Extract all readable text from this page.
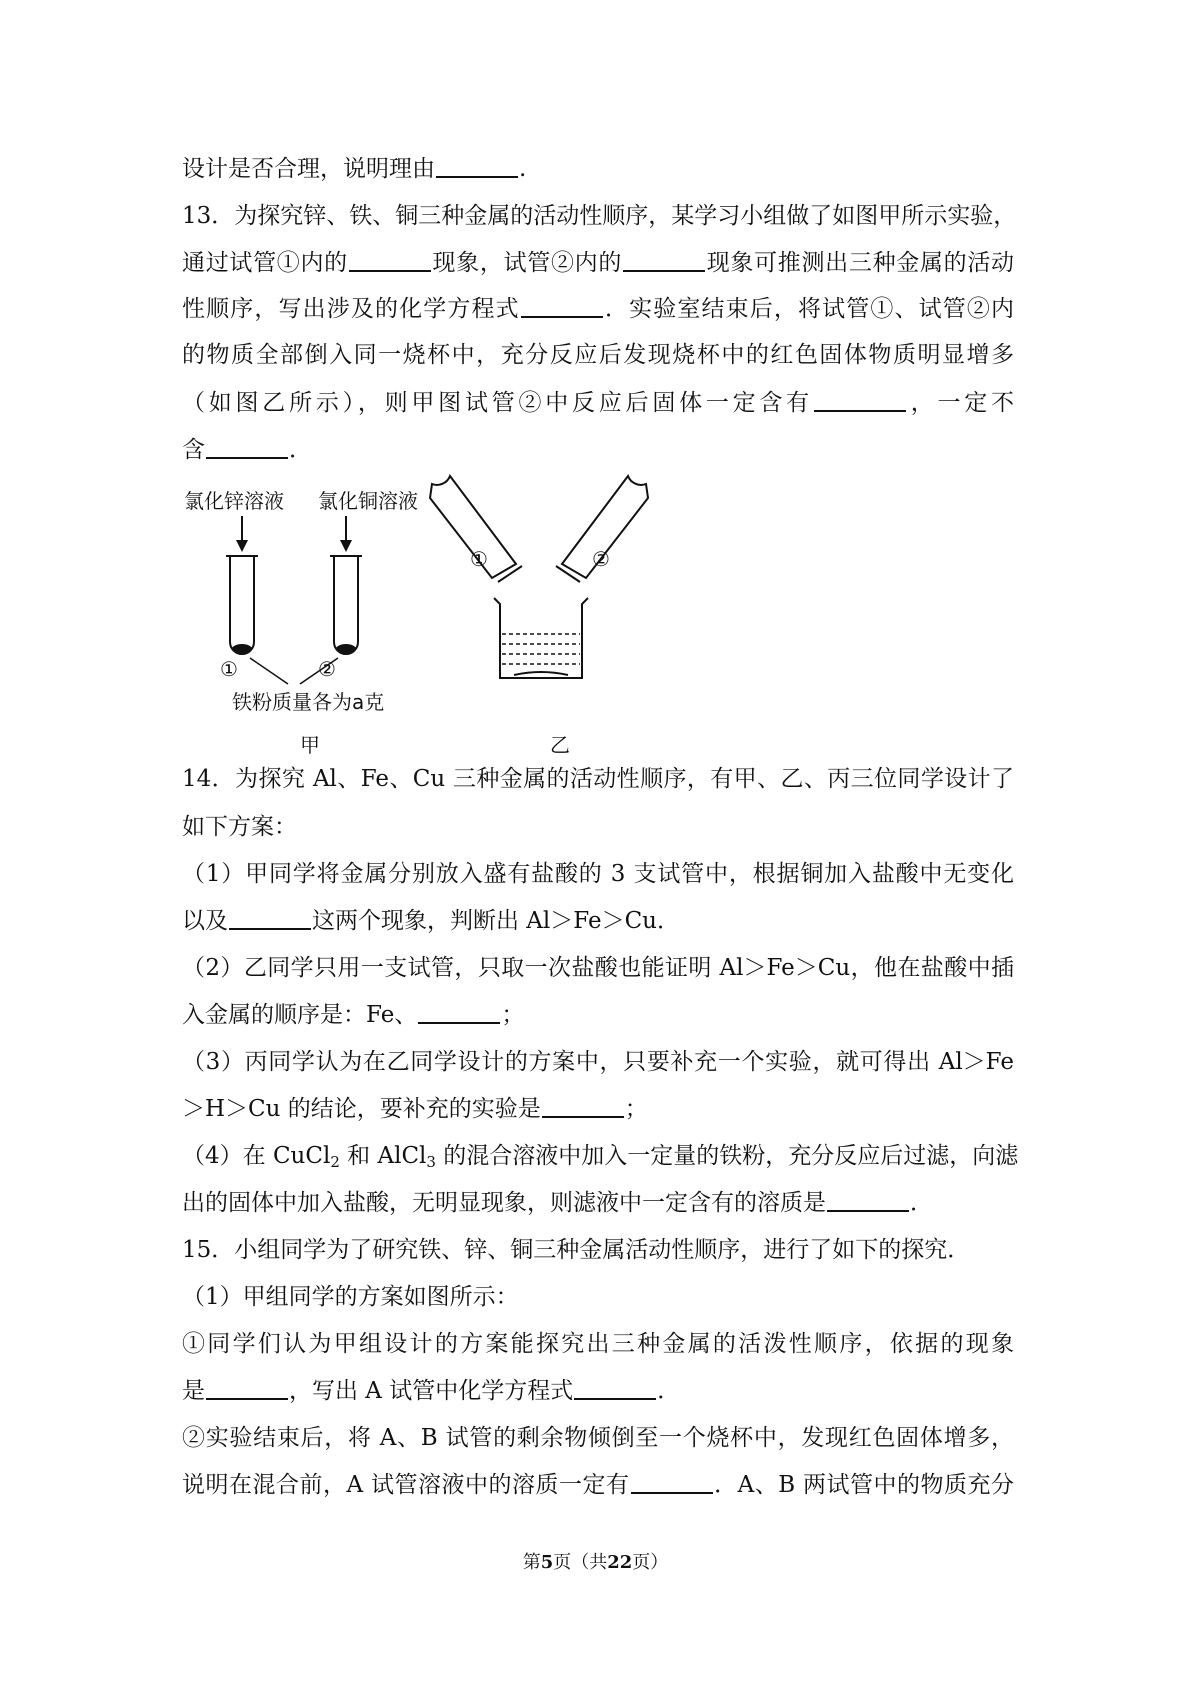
设计是否合理，说明理由	.
13．为探究锌、铁、铜三种金属的活动性顺序，某学习小组做了如图甲所示实验，
通过试管①内的	现象，试管②内的	现象可推测出三种金属的活动
性顺序，写出涉及的化学方程式	．实验室结束后，将试管①、试管②内
的物质全部倒入同一烧杯中，充分反应后发现烧杯中的红色固体物质明显增多
（如图乙所示），则甲图试管②中反应后固体一定含有	，一定不
含	．
氯化锌溶液 氯化铜溶液
①	②
铁粉质量各为a克
甲
①	②
乙
14．为探究 Al、Fe、Cu 三种金属的活动性顺序，有甲、乙、丙三位同学设计了
如下方案：
（1）甲同学将金属分别放入盛有盐酸的 3 支试管中，根据铜加入盐酸中无变化
以及	这两个现象，判断出 Al＞Fe＞Cu．
（2）乙同学只用一支试管，只取一次盐酸也能证明 Al＞Fe＞Cu，他在盐酸中插
入金属的顺序是：Fe、	；
（3）丙同学认为在乙同学设计的方案中，只要补充一个实验，就可得出 Al＞Fe
＞H＞Cu 的结论，要补充的实验是	；
（4）在 CuCl$_2$ 和 AlCl$_3$ 的混合溶液中加入一定量的铁粉，充分反应后过滤，向滤
出的固体中加入盐酸，无明显现象，则滤液中一定含有的溶质是	．
15．小组同学为了研究铁、锌、铜三种金属活动性顺序，进行了如下的探究．
（1）甲组同学的方案如图所示：
①同学们认为甲组设计的方案能探究出三种金属的活泼性顺序，依据的现象
是	，写出 A 试管中化学方程式	．
②实验结束后，将 A、B 试管的剩余物倾倒至一个烧杯中，发现红色固体增多，
说明在混合前，A 试管溶液中的溶质一定有	．A、B 两试管中的物质充分
第5页（共22页）
